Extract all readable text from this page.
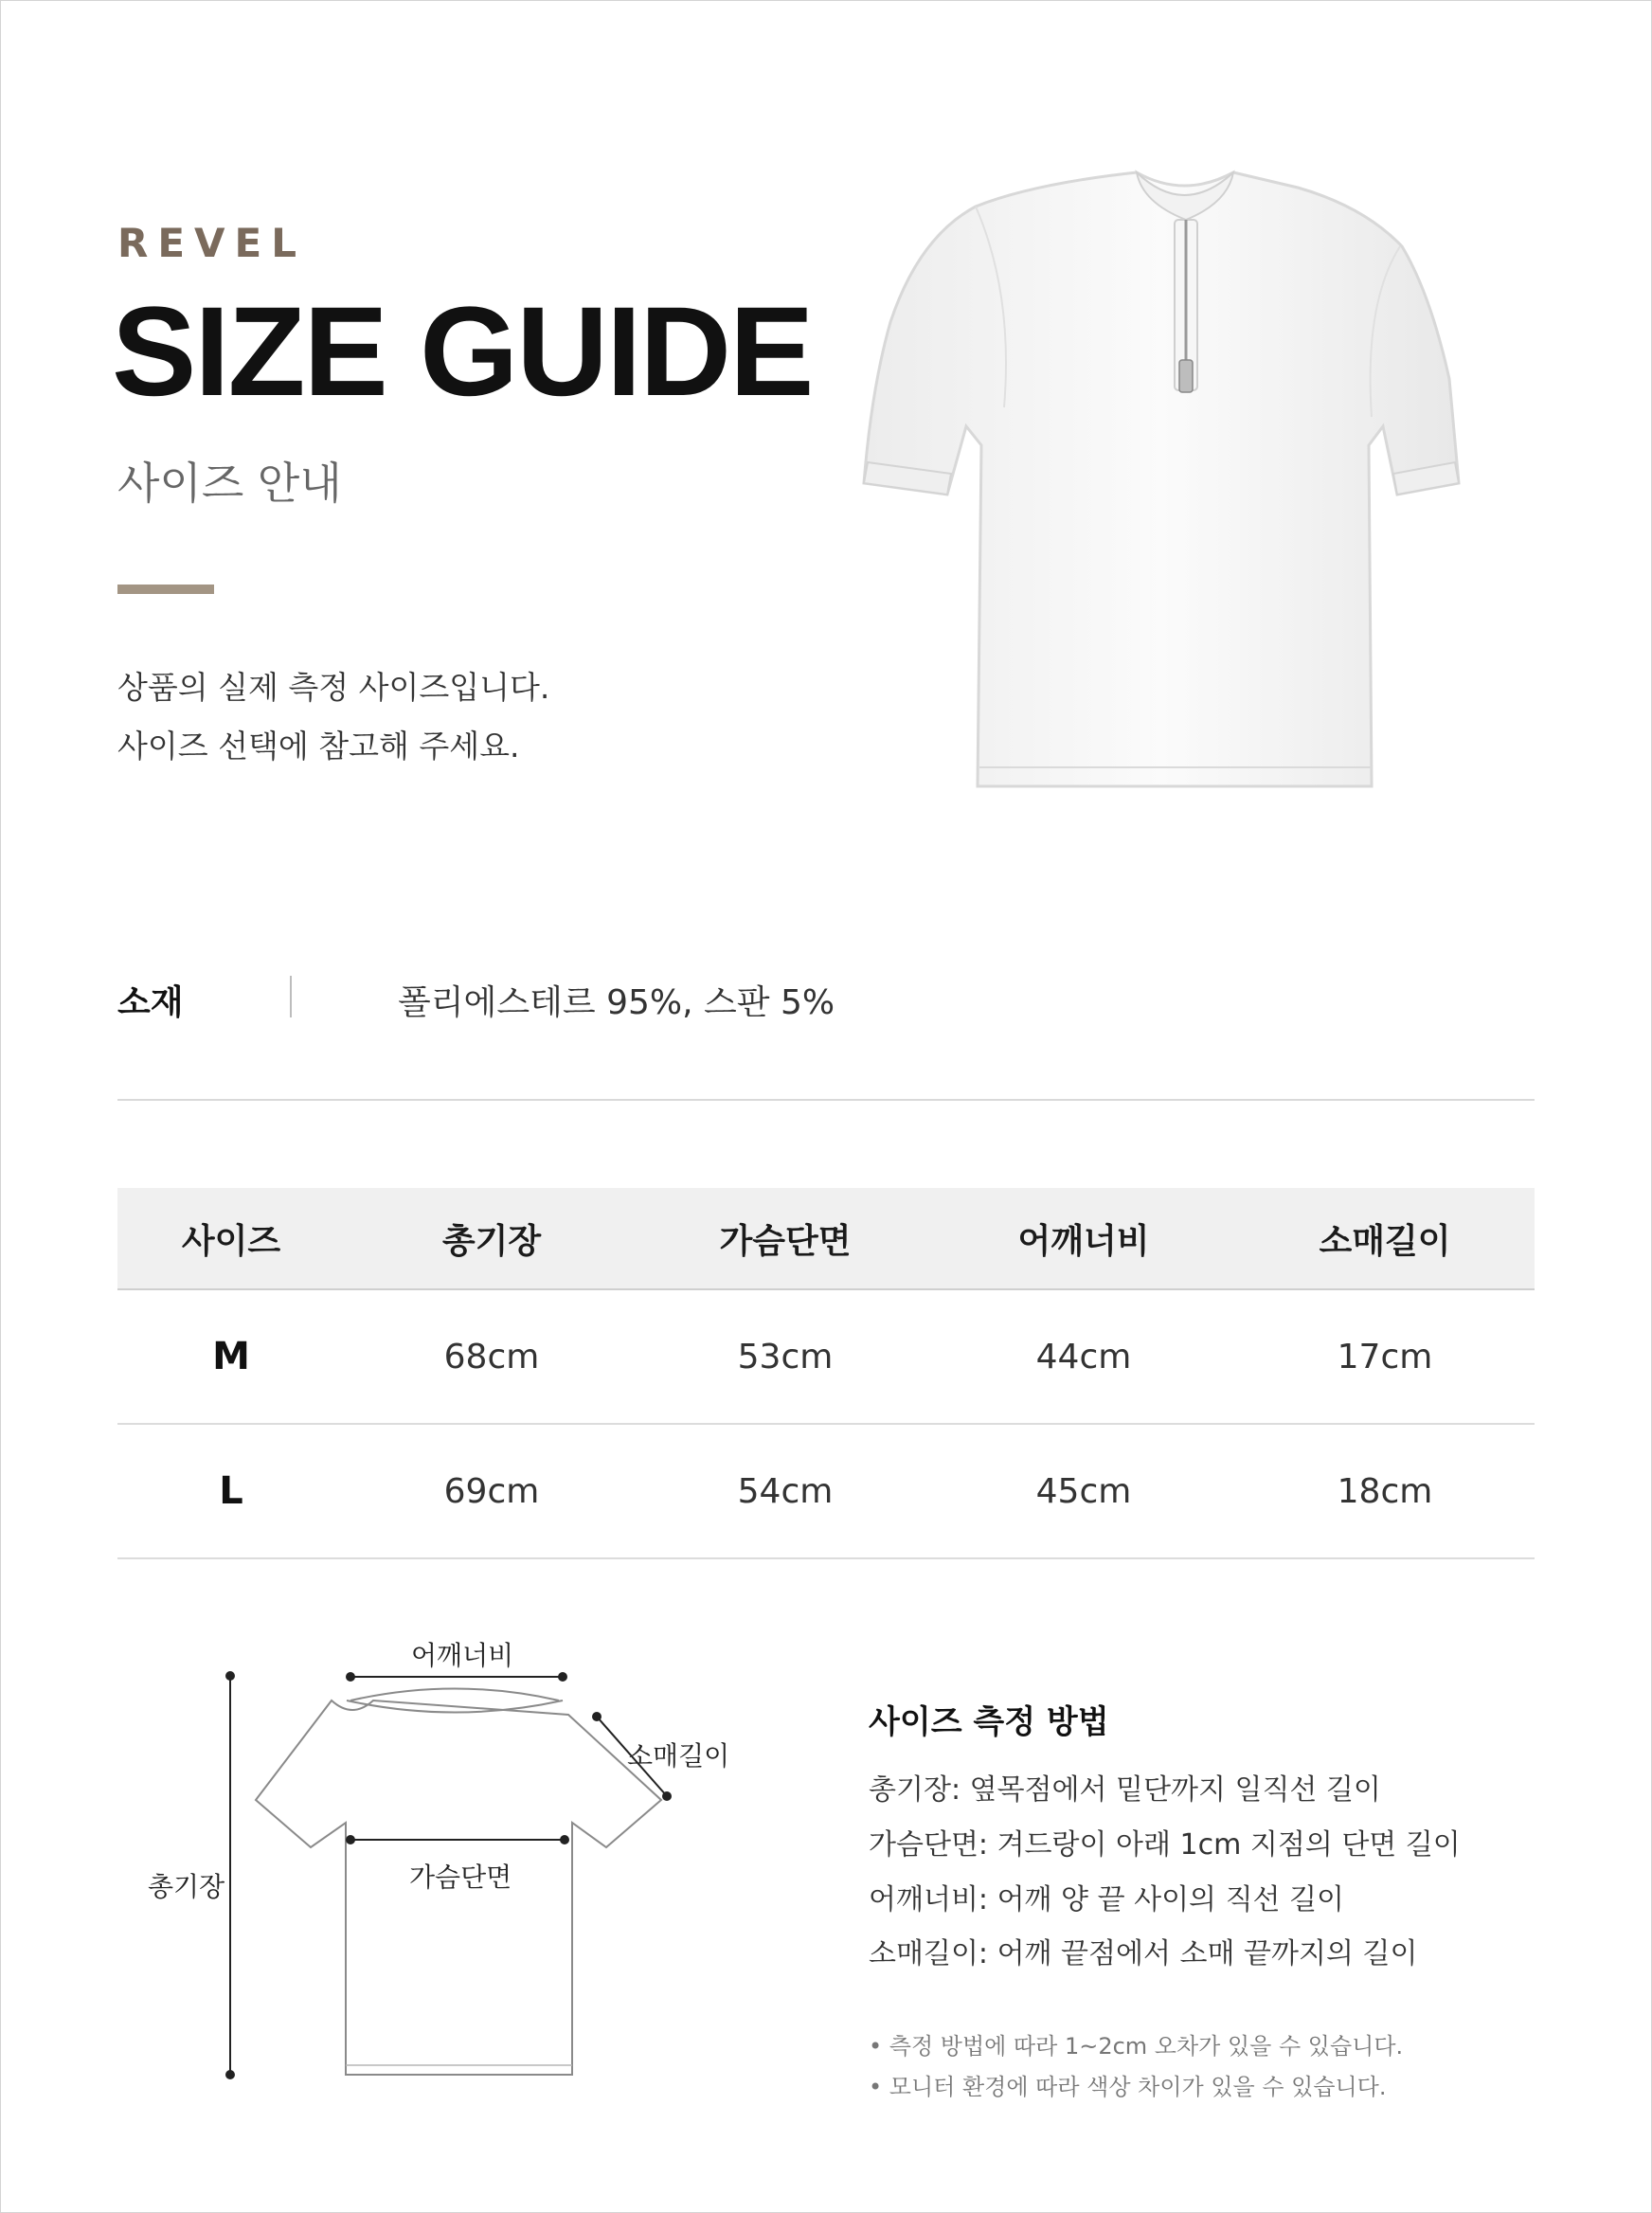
REVEL
SIZE GUIDE
사이즈 안내
상품의 실제 측정 사이즈입니다.
사이즈 선택에 참고해 주세요.
소재	폴리에스테르 95%, 스판 5%
사이즈	총기장	가슴단면	어깨너비	소매길이
M	68cm	53cm	44cm	17cm
L	69cm	54cm	45cm	18cm
어깨너비
소매길이
총기장	가슴단면
사이즈 측정 방법
총기장: 옆목점에서 밑단까지 일직선 길이
가슴단면: 겨드랑이 아래 1cm 지점의 단면 길이
어깨너비: 어깨 양 끝 사이의 직선 길이
소매길이: 어깨 끝점에서 소매 끝까지의 길이
• 측정 방법에 따라 1~2cm 오차가 있을 수 있습니다.
• 모니터 환경에 따라 색상 차이가 있을 수 있습니다.
